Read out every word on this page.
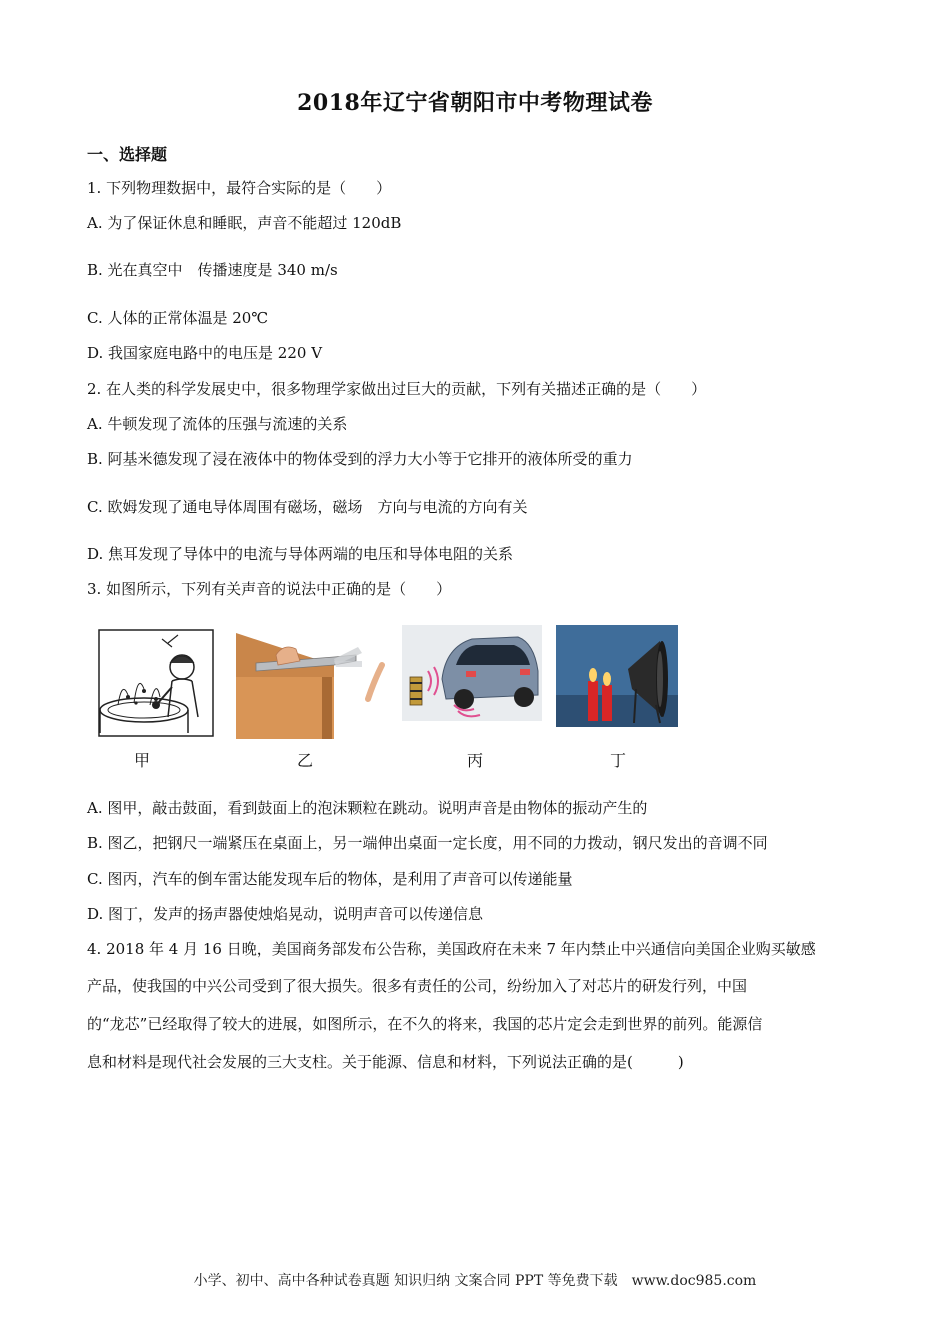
2018年辽宁省朝阳市中考物理试卷
一、选择题
1. 下列物理数据中，最符合实际的是（　　）
A. 为了保证休息和睡眠，声音不能超过 120dB
B. 光在真空中　传播速度是 340 m/s
C. 人体的正常体温是 20℃
D. 我国家庭电路中的电压是 220 V
2. 在人类的科学发展史中，很多物理学家做出过巨大的贡献，下列有关描述正确的是（　　）
A. 牛顿发现了流体的压强与流速的关系
B. 阿基米德发现了浸在液体中的物体受到的浮力大小等于它排开的液体所受的重力
C. 欧姆发现了通电导体周围有磁场，磁场　方向与电流的方向有关
D. 焦耳发现了导体中的电流与导体两端的电压和导体电阻的关系
3. 如图所示，下列有关声音的说法中正确的是（　　）
甲	乙	丙	丁
A. 图甲，敲击鼓面，看到鼓面上的泡沫颗粒在跳动。说明声音是由物体的振动产生的
B. 图乙，把钢尺一端紧压在桌面上，另一端伸出桌面一定长度，用不同的力拨动，钢尺发出的音调不同
C. 图丙，汽车的倒车雷达能发现车后的物体，是利用了声音可以传递能量
D. 图丁，发声的扬声器使烛焰晃动，说明声音可以传递信息
4. 2018 年 4 月 16 日晚，美国商务部发布公告称，美国政府在未来 7 年内禁止中兴通信向美国企业购买敏感
产品，使我国的中兴公司受到了很大损失。很多有责任的公司，纷纷加入了对芯片的研发行列，中国
的“龙芯”已经取得了较大的进展，如图所示，在不久的将来，我国的芯片定会走到世界的前列。能源信
息和材料是现代社会发展的三大支柱。关于能源、信息和材料，下列说法正确的是(　　　)
小学、初中、高中各种试卷真题 知识归纳 文案合同 PPT 等免费下载　www.doc985.com
